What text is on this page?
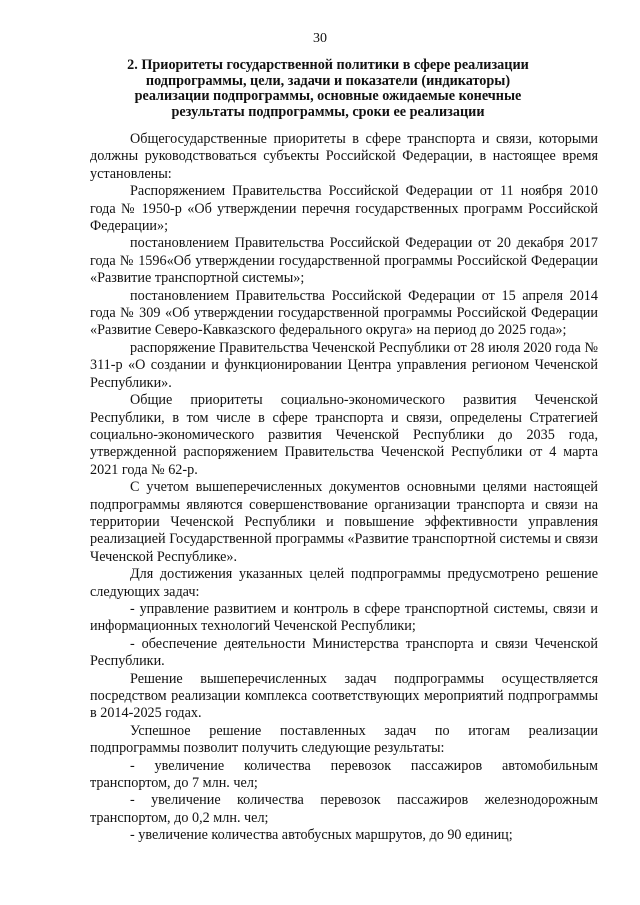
30
2. Приоритеты государственной политики в сфере реализации подпрограммы, цели, задачи и показатели (индикаторы) реализации подпрограммы, основные ожидаемые конечные результаты подпрограммы, сроки ее реализации

Общегосударственные приоритеты в сфере транспорта и связи, которыми должны руководствоваться субъекты Российской Федерации, в настоящее время установлены:

Распоряжением Правительства Российской Федерации от 11 ноября 2010 года № 1950-р «Об утверждении перечня государственных программ Российской Федерации»;

постановлением Правительства Российской Федерации от 20 декабря 2017 года № 1596«Об утверждении государственной программы Российской Федерации «Развитие транспортной системы»;

постановлением Правительства Российской Федерации от 15 апреля 2014 года № 309 «Об утверждении государственной программы Российской Федерации «Развитие Северо-Кавказского федерального округа» на период до 2025 года»;

распоряжение Правительства Чеченской Республики от 28 июля 2020 года № 311-р «О создании и функционировании Центра управления регионом Чеченской Республики».

Общие приоритеты социально-экономического развития Чеченской Республики, в том числе в сфере транспорта и связи, определены Стратегией социально-экономического развития Чеченской Республики до 2035 года, утвержденной распоряжением Правительства Чеченской Республики от 4 марта 2021 года № 62-р.

С учетом вышеперечисленных документов основными целями настоящей подпрограммы являются совершенствование организации транспорта и связи на территории Чеченской Республики и повышение эффективности управления реализацией Государственной программы «Развитие транспортной системы и связи Чеченской Республике».

Для достижения указанных целей подпрограммы предусмотрено решение следующих задач:

- управление развитием и контроль в сфере транспортной системы, связи и информационных технологий Чеченской Республики;

- обеспечение деятельности Министерства транспорта и связи Чеченской Республики.

Решение вышеперечисленных задач подпрограммы осуществляется посредством реализации комплекса соответствующих мероприятий подпрограммы в 2014-2025 годах.

Успешное решение поставленных задач по итогам реализации подпрограммы позволит получить следующие результаты:

- увеличение количества перевозок пассажиров автомобильным транспортом, до 7 млн. чел;

- увеличение количества перевозок пассажиров железнодорожным транспортом, до 0,2 млн. чел;

- увеличение количества автобусных маршрутов, до 90 единиц;
